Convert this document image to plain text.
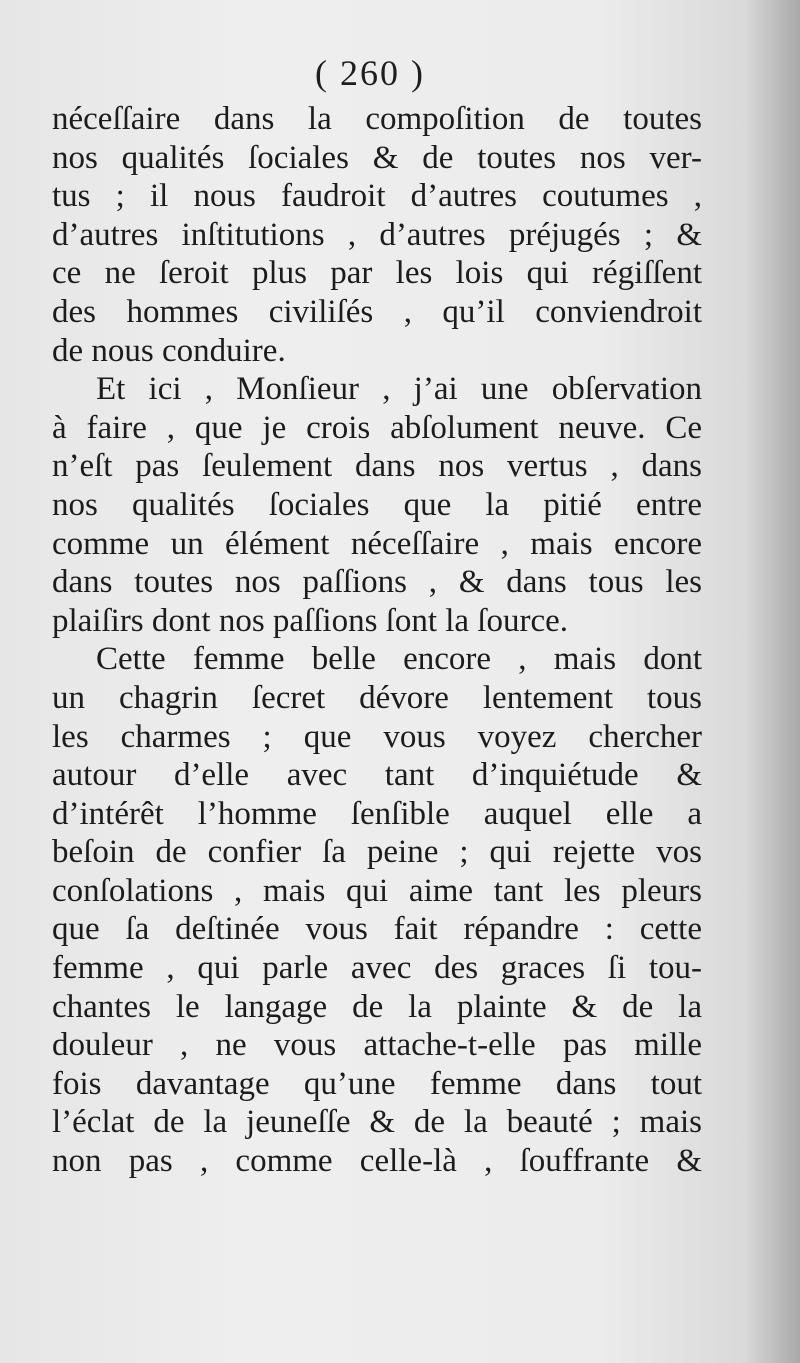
( 260 )
néceſſaire dans la compoſition de toutes
nos qualités ſociales & de toutes nos ver-
tus ; il nous faudroit d’autres coutumes ,
d’autres inſtitutions , d’autres préjugés ; &
ce ne ſeroit plus par les lois qui régiſſent
des hommes civiliſés , qu’il conviendroit
de nous conduire.
Et ici , Monſieur , j’ai une obſervation
à faire , que je crois abſolument neuve. Ce
n’eſt pas ſeulement dans nos vertus , dans
nos qualités ſociales que la pitié entre
comme un élément néceſſaire , mais encore
dans toutes nos paſſions , & dans tous les
plaiſirs dont nos paſſions ſont la ſource.
Cette femme belle encore , mais dont
un chagrin ſecret dévore lentement tous
les charmes ; que vous voyez chercher
autour d’elle avec tant d’inquiétude &
d’intérêt l’homme ſenſible auquel elle a
beſoin de confier ſa peine ; qui rejette vos
conſolations , mais qui aime tant les pleurs
que ſa deſtinée vous fait répandre : cette
femme , qui parle avec des graces ſi tou-
chantes le langage de la plainte & de la
douleur , ne vous attache-t-elle pas mille
fois davantage qu’une femme dans tout
l’éclat de la jeuneſſe & de la beauté ; mais
non pas , comme celle-là , ſouffrante &
